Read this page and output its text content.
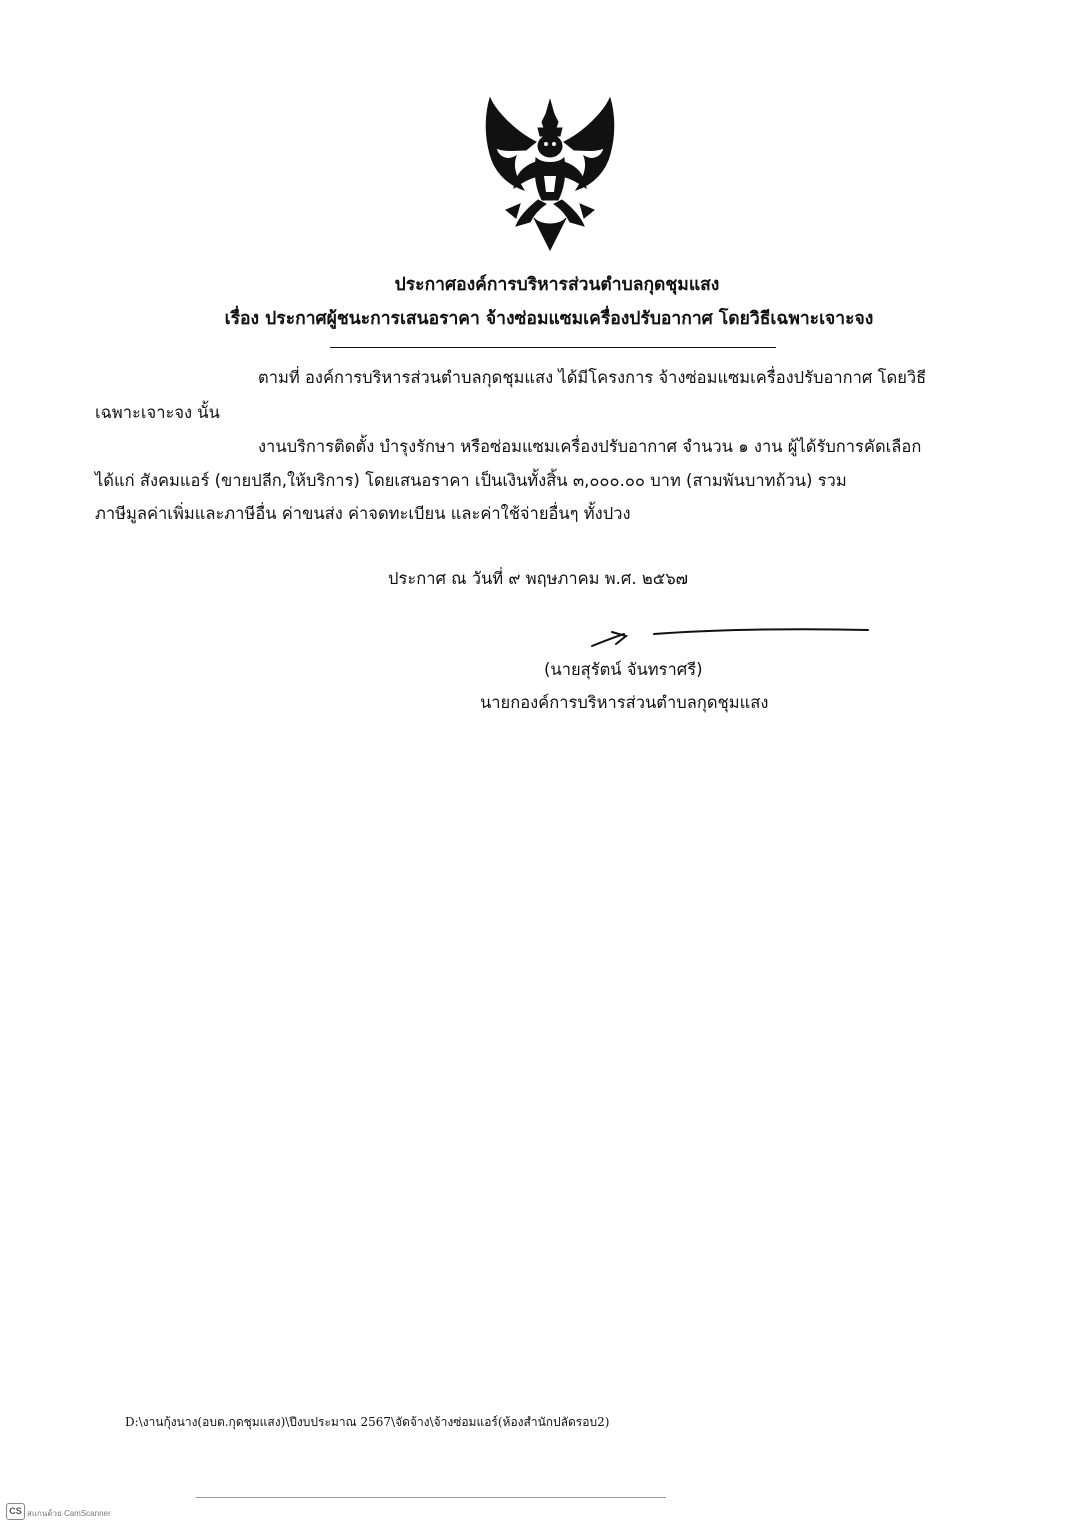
ประกาศองค์การบริหารส่วนตำบลกุดชุมแสง
เรื่อง ประกาศผู้ชนะการเสนอราคา จ้างซ่อมแซมเครื่องปรับอากาศ โดยวิธีเฉพาะเจาะจง
ตามที่ องค์การบริหารส่วนตำบลกุดชุมแสง ได้มีโครงการ จ้างซ่อมแซมเครื่องปรับอากาศ โดยวิธี
เฉพาะเจาะจง นั้น
งานบริการติดตั้ง บำรุงรักษา หรือซ่อมแซมเครื่องปรับอากาศ จำนวน ๑ งาน ผู้ได้รับการคัดเลือก
ได้แก่ สังคมแอร์ (ขายปลีก,ให้บริการ) โดยเสนอราคา เป็นเงินทั้งสิ้น ๓,๐๐๐.๐๐ บาท (สามพันบาทถ้วน) รวม
ภาษีมูลค่าเพิ่มและภาษีอื่น ค่าขนส่ง ค่าจดทะเบียน และค่าใช้จ่ายอื่นๆ ทั้งปวง
ประกาศ ณ วันที่ ๙ พฤษภาคม พ.ศ. ๒๕๖๗
(นายสุรัตน์ จันทราศรี)
นายกองค์การบริหารส่วนตำบลกุดชุมแสง
D:\งานกุ้งนาง(อบต.กุดชุมแสง)\ปีงบประมาณ 2567\จัดจ้าง\จ้างซ่อมแอร์(ห้องสำนักปลัดรอบ2)
CS สแกนด้วย CamScanner
